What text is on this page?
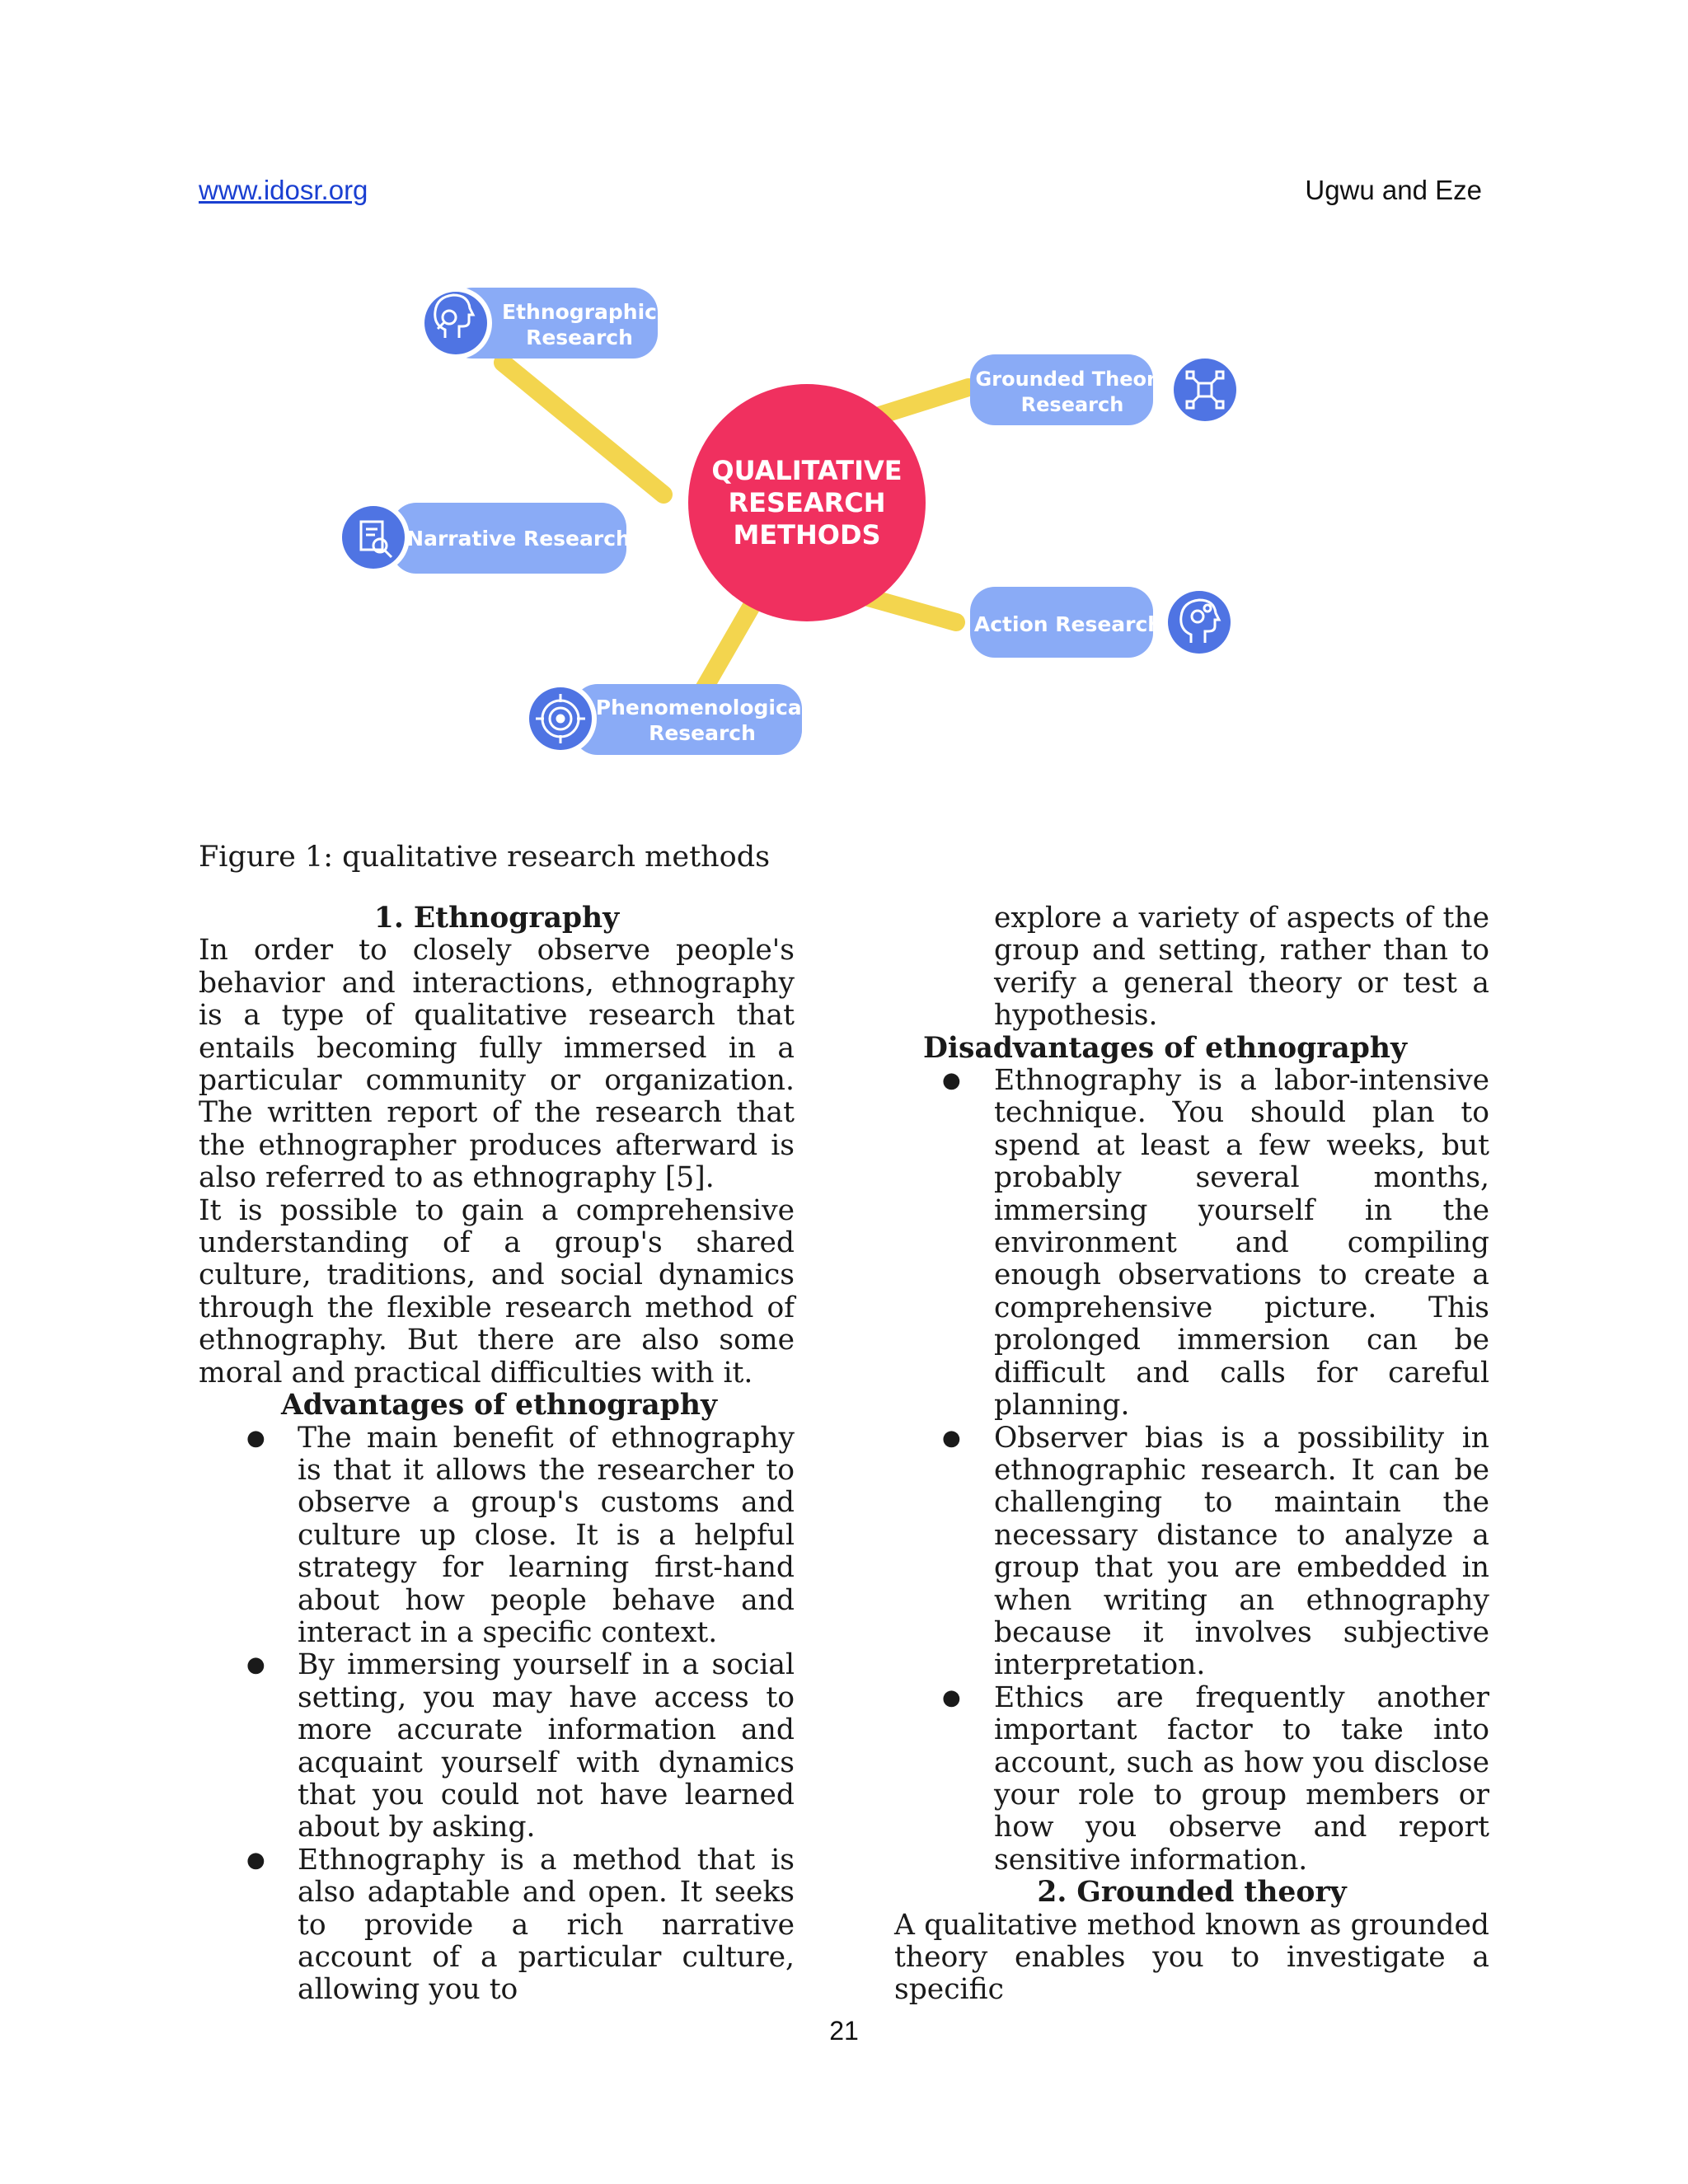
www.idosr.org	Ugwu and Eze
Ethnographic
Research
Grounded Theory
Research
Narrative Research
Action Research
Phenomenological
Research
QUALITATIVE
RESEARCH
METHODS
Figure 1: qualitative research methods
1. Ethnography

In order to closely observe people's behavior and interactions, ethnography is a type of qualitative research that entails becoming fully immersed in a particular community or organization. The written report of the research that the ethnographer produces afterward is also referred to as ethnography [5].

It is possible to gain a comprehensive understanding of a group's shared culture, traditions, and social dynamics through the flexible research method of ethnography. But there are also some moral and practical difficulties with it.

Advantages of ethnography
● The main benefit of ethnography is that it allows the researcher to observe a group's customs and culture up close. It is a helpful strategy for learning first-hand about how people behave and interact in a specific context.
● By immersing yourself in a social setting, you may have access to more accurate information and acquaint yourself with dynamics that you could not have learned about by asking.
● Ethnography is a method that is also adaptable and open. It seeks to provide a rich narrative account of a particular culture, allowing you to

explore a variety of aspects of the group and setting, rather than to verify a general theory or test a hypothesis.

Disadvantages of ethnography
● Ethnography is a labor-intensive technique. You should plan to spend at least a few weeks, but probably several months, immersing yourself in the environment and compiling enough observations to create a comprehensive picture. This prolonged immersion can be difficult and calls for careful planning.
● Observer bias is a possibility in ethnographic research. It can be challenging to maintain the necessary distance to analyze a group that you are embedded in when writing an ethnography because it involves subjective interpretation.
● Ethics are frequently another important factor to take into account, such as how you disclose your role to group members or how you observe and report sensitive information.
2. Grounded theory

A qualitative method known as grounded theory enables you to investigate a specific

21
